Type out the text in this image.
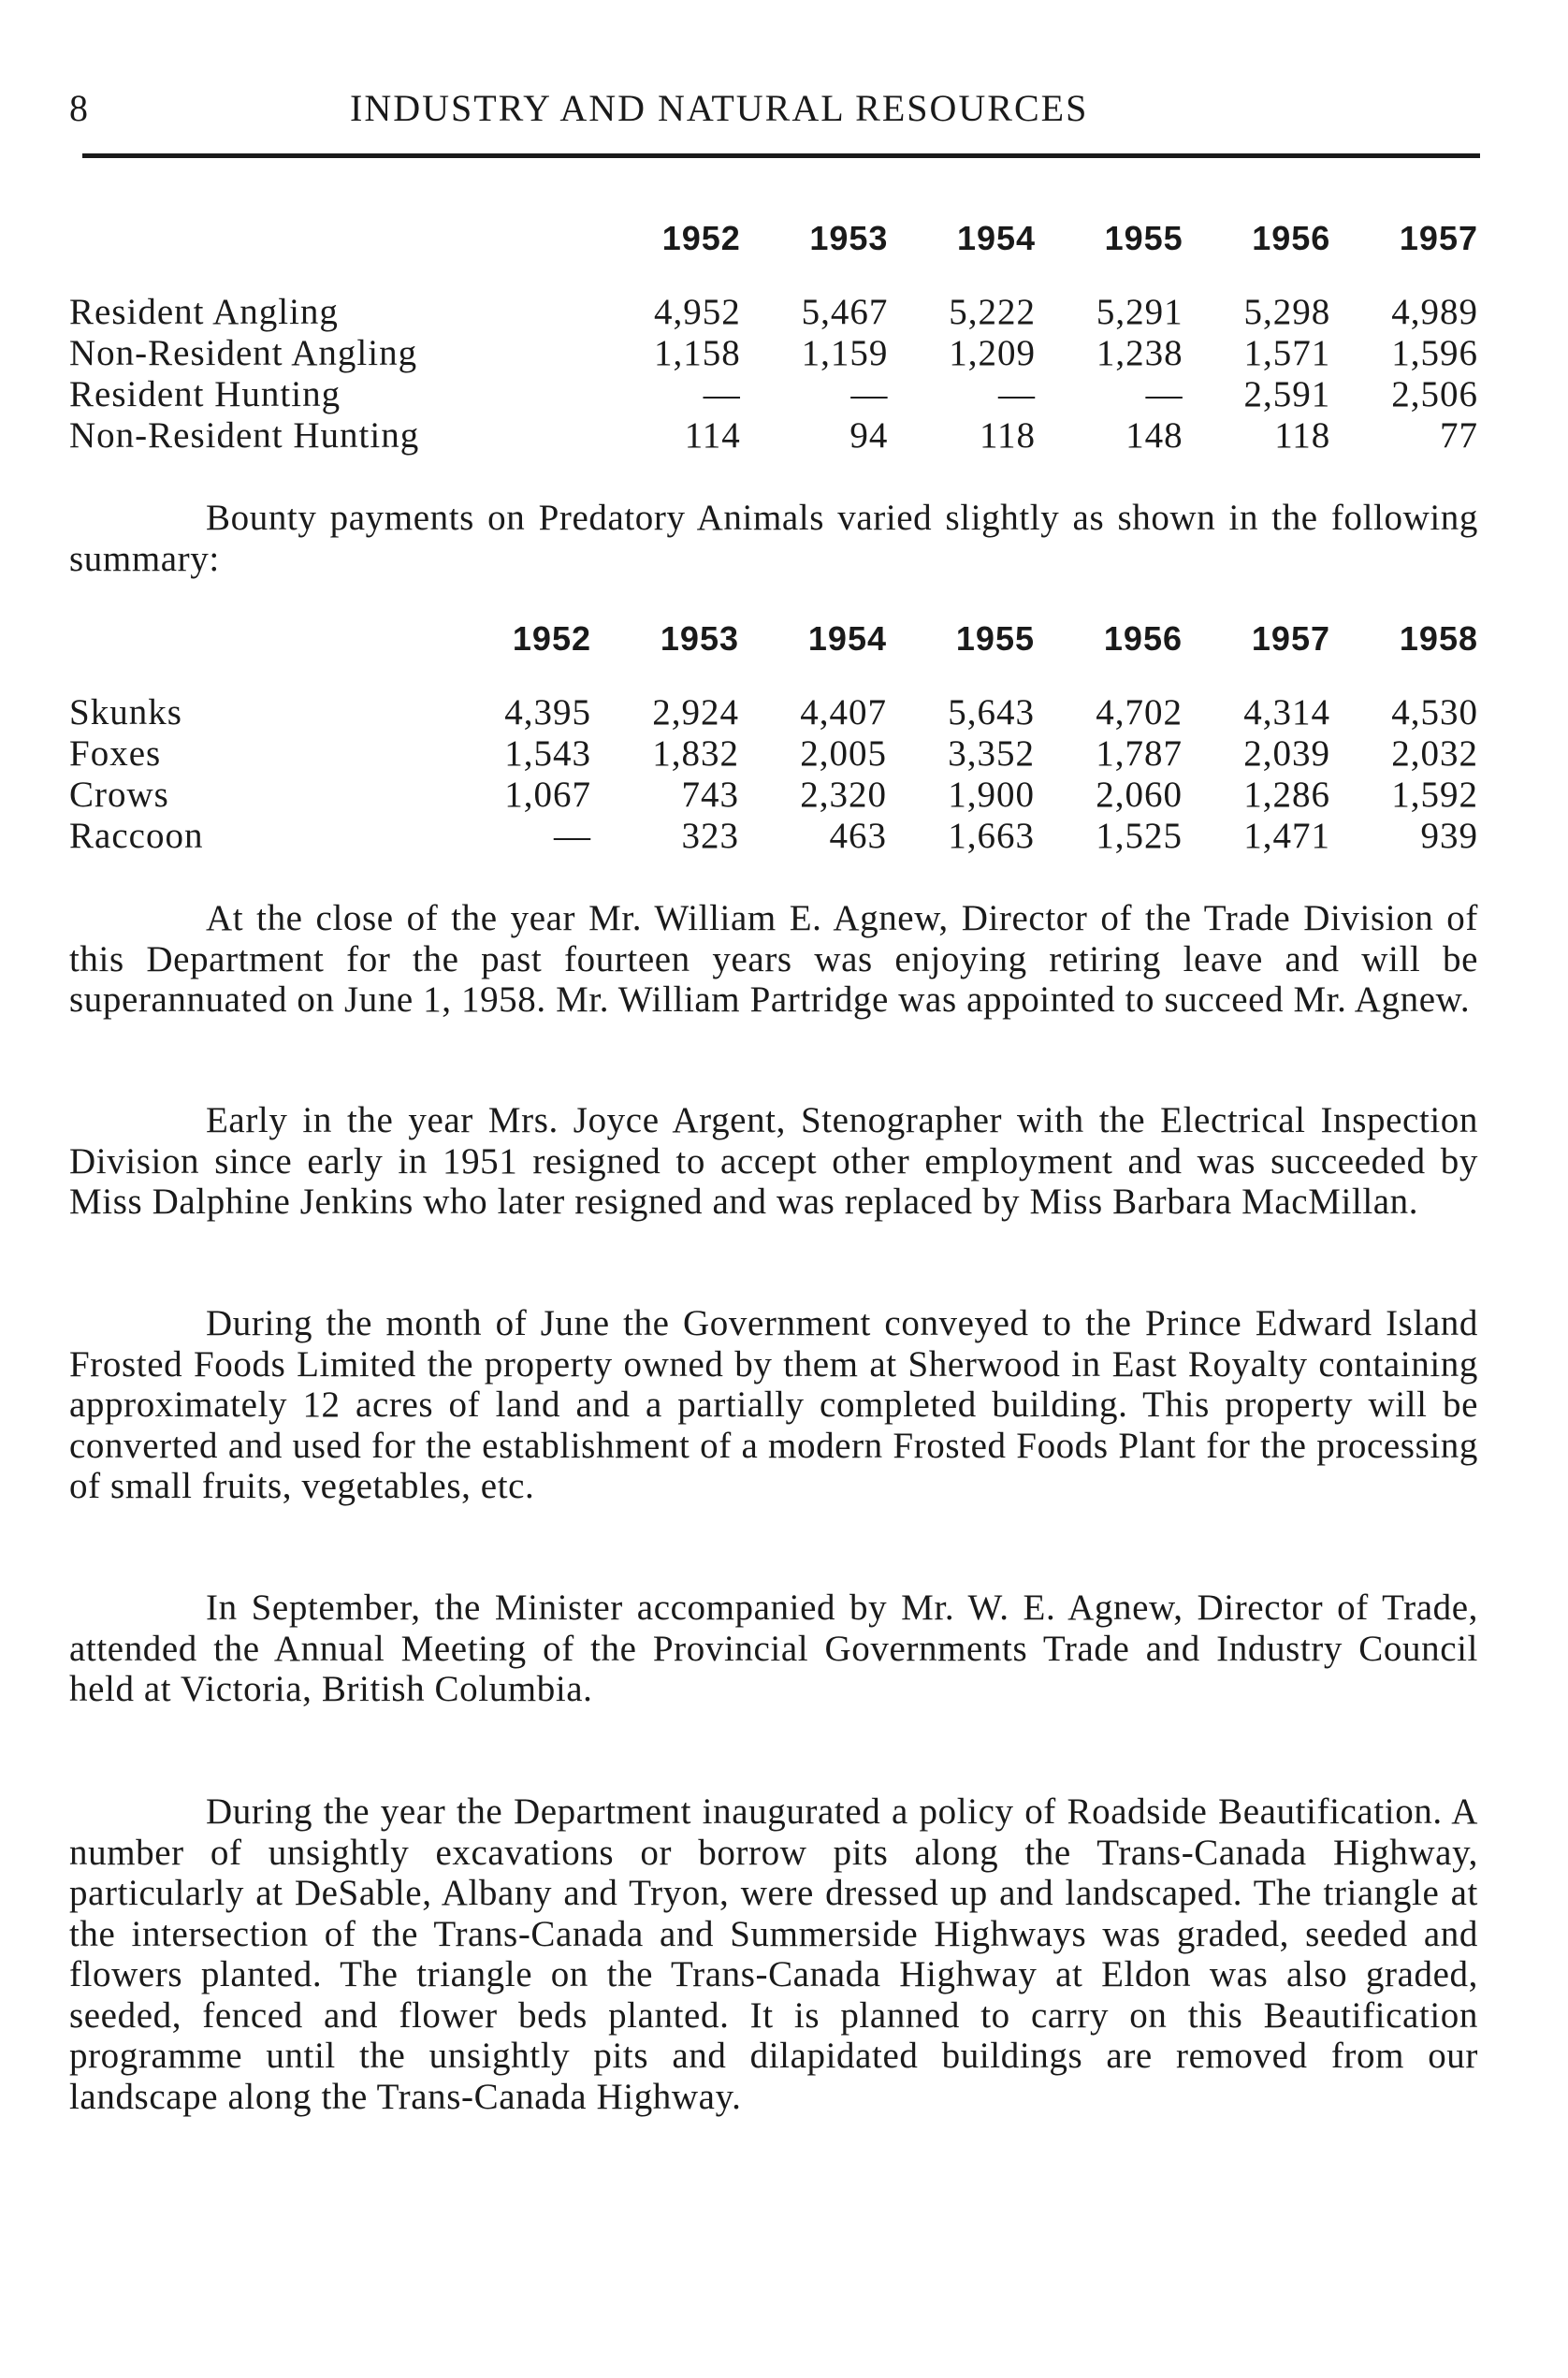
8	INDUSTRY AND NATURAL RESOURCES
	1952	1953	1954	1955	1956	1957
Resident Angling	4,952	5,467	5,222	5,291	5,298	4,989
Non-Resident Angling	1,158	1,159	1,209	1,238	1,571	1,596
Resident Hunting	—	—	—	—	2,591	2,506
Non-Resident Hunting	114	94	118	148	118	77

Bounty payments on Predatory Animals varied slightly as shown in the following summary:

	1952	1953	1954	1955	1956	1957	1958
Skunks	4,395	2,924	4,407	5,643	4,702	4,314	4,530
Foxes	1,543	1,832	2,005	3,352	1,787	2,039	2,032
Crows	1,067	743	2,320	1,900	2,060	1,286	1,592
Raccoon	—	323	463	1,663	1,525	1,471	939

At the close of the year Mr. William E. Agnew, Director of the Trade Division of this Department for the past fourteen years was enjoying retiring leave and will be superannuated on June 1, 1958. Mr. William Partridge was appointed to succeed Mr. Agnew.

Early in the year Mrs. Joyce Argent, Stenographer with the Electrical Inspection Division since early in 1951 resigned to accept other employment and was succeeded by Miss Dalphine Jenkins who later resigned and was replaced by Miss Barbara MacMillan.

During the month of June the Government conveyed to the Prince Edward Island Frosted Foods Limited the property owned by them at Sherwood in East Royalty containing approximately 12 acres of land and a partially completed building. This property will be converted and used for the establishment of a modern Frosted Foods Plant for the processing of small fruits, vegetables, etc.

In September, the Minister accompanied by Mr. W. E. Agnew, Director of Trade, attended the Annual Meeting of the Provincial Governments Trade and Industry Council held at Victoria, British Columbia.

During the year the Department inaugurated a policy of Roadside Beautification. A number of unsightly excavations or borrow pits along the Trans-Canada Highway, particularly at DeSable, Albany and Tryon, were dressed up and landscaped. The triangle at the intersection of the Trans-Canada and Summerside Highways was graded, seeded and flowers planted. The triangle on the Trans-Canada Highway at Eldon was also graded, seeded, fenced and flower beds planted. It is planned to carry on this Beautification programme until the unsightly pits and dilapidated buildings are removed from our landscape along the Trans-Canada Highway.
